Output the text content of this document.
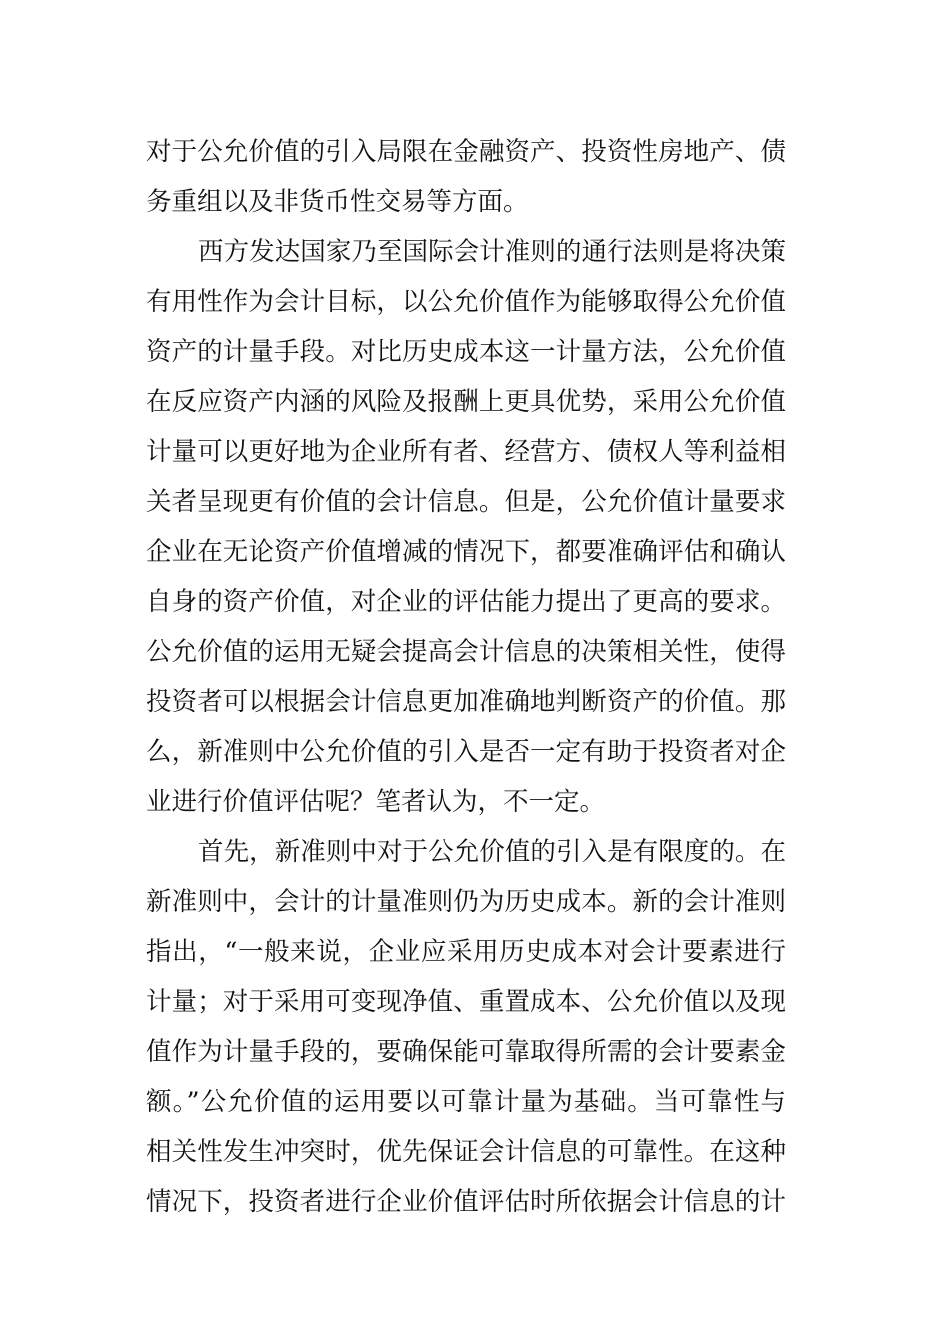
对于公允价值的引入局限在金融资产、投资性房地产、债
务重组以及非货币性交易等方面。
西方发达国家乃至国际会计准则的通行法则是将决策
有用性作为会计目标，以公允价值作为能够取得公允价值
资产的计量手段。对比历史成本这一计量方法，公允价值
在反应资产内涵的风险及报酬上更具优势，采用公允价值
计量可以更好地为企业所有者、经营方、债权人等利益相
关者呈现更有价值的会计信息。但是，公允价值计量要求
企业在无论资产价值增减的情况下，都要准确评估和确认
自身的资产价值，对企业的评估能力提出了更高的要求。
公允价值的运用无疑会提高会计信息的决策相关性，使得
投资者可以根据会计信息更加准确地判断资产的价值。那
么，新准则中公允价值的引入是否一定有助于投资者对企
业进行价值评估呢？笔者认为，不一定。
首先，新准则中对于公允价值的引入是有限度的。在
新准则中，会计的计量准则仍为历史成本。新的会计准则
指出，“一般来说，企业应采用历史成本对会计要素进行
计量；对于采用可变现净值、重置成本、公允价值以及现
值作为计量手段的，要确保能可靠取得所需的会计要素金
额。”公允价值的运用要以可靠计量为基础。当可靠性与
相关性发生冲突时，优先保证会计信息的可靠性。在这种
情况下，投资者进行企业价值评估时所依据会计信息的计
